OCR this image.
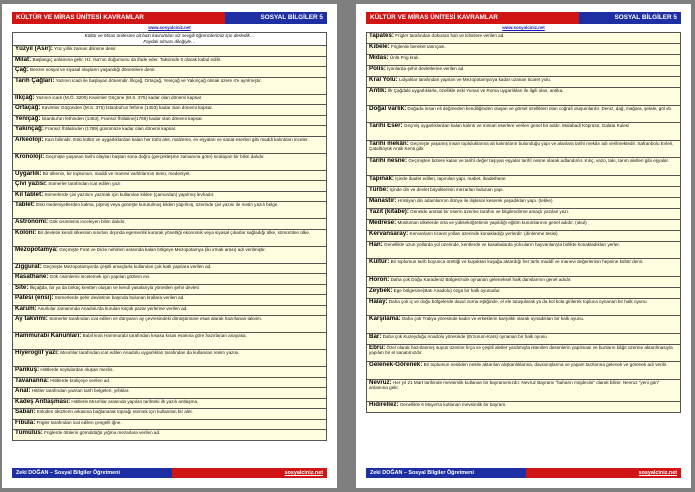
KÜLTÜR VE MİRAS ÜNİTESİ KAVRAMLAR	SOSYAL BİLGİLER 5
www.sosyalciniz.net
Kültür ve Miras ünitesine ait bazı kavramları siz sevgili öğrencilerimiz için derledik…
Faydalı olması dileğiyle…
Yüzyıl (Asır): Yüz yıllık zaman dilimine denir.
Milat: Başlangıç anlamına gelir. Hz. İsa'nın doğumunu da ifade eder. Takvimde 0 olarak kabul edilir.
Çağ: Benzer sosyal ve siyasal olayların yaşandığı dönemlere denir.
Tarih Çağları: Yazının icadı ile başlayan dönemdir. İlkçağ, Ortaçağ, Yeniçağ ve Yakınçağ olmak üzere 4'e ayrılmıştır.
İlkçağ: Yazının icadı (M.Ö. 3200) Kavimler Göçüne (M.S. 375) kadar olan dönemi kapsar.
Ortaçağ: Kavimler Göçünden (M.S. 375) İstanbul'un fethine (1453) kadar olan dönemi kapsar.
Yeniçağ: İstanbul'un fethinden (1453), Fransız İhtilaline(1789) kadar olan dönemi kapsar.
Yakınçağ: Fransız İhtilalinden (1789) günümüze kadar olan dönemi kapsar.
Arkeoloji: Kazı bilimidir. Eski kültür ve uygarlıklardan kalan her türlü alet, malzeme, ev eşyaları ve sanat eserleri gibi maddi kalıntıları inceler.
Kronoloji: Geçmişte yaşanan tarihi olayları baştan sona doğru (gerçekleşme zamanına göre) sıralayan bir bilim dalıdır.
Uygarlık: Bir ülkenin, bir toplumun, maddi ve manevi varlıklarının tümü, medeniyet.
Çivi yazısı: Sümerler tarafından icat edilen yazı
Kil tablet: Sümerlerde çivi yazısını yazmak için kullanılan kilden (çamurdan) yapılmış levhadır.
Tablet: Eski medeniyetlerden kalma, pişmiş veya güneşte kurutulmuş kilden yapılmış, üzerinde çivi yazısı ile metin yazılı belge.
Astronomi: Gök cisimlerini inceleyen bilim dalıdır.
Koloni: Bir devletin kendi ülkesinin sınırları dışında egemenlik kurarak yönettiği ekonomik veya siyasal çıkarlar sağladığı ülke, sömürülen ülke.
Mezopotamya: Geçmişte Fırat ve Dicle nehirleri arasında kalan bölgeye Mezopotamya (iki ırmak arası) adı verilmiştir.
Ziggurat: Geçmişte Mezopotamya'da çeşitli amaçlarla kullanılan çok katlı yapılara verilen ad.
Rasathane: Gök cisimlerini incelemek için yapılan gözlem evi.
Site: İlkçağda, bir ya da birkaç kentten oluşan ve kendi yasalarıyla yönetilen şehir devleti
Patesi (ensi): Sümerlerde şehir devletinin başında bulunan krallara verilen ad.
Karum: Asurlular zamanında Anadolu'da kurulan küçük pazar yerlerine verilen ad.
Ay takvimi: Sümerler tarafından icat edilen ve dünyanın ay çevresindeki dönüşümüne esas alarak hazırlanan takvim.
Hammurabi Kanunları: Babil kralı Hammurabi tarafından kısasa kısas esasına göre hazırlanan anayasa.
Hiyeroglif yazı: Mısırlılar tarafından icat edilen Anadolu uygarlıkları tarafından da kullanılan resim yazısı.
Pankuş: Hititlerde soylulardan oluşan meclis.
Tavananna: Hititlerde kraliçeye verilen ad.
Anal: Hititler tarafından yazılan tarih belgeleri, yıllıklar.
Kadeş Antlaşması: Hititlerle Mısırlılar arasında yapılan tarihteki ilk yazılı antlaşma.
Saban: Eskiden öküzlerin arkasına bağlanarak toprağı sürmek için kullanılan bir alet.
Fibula: Frigler tarafından icat edilen çengelli iğne.
Tümülüs: Friglerde ölülerin gömüldüğü yığma mezarlara verilen ad.
Zeki DOĞAN – Sosyal Bilgiler Öğretmeni	sosyalciniz.net
KÜLTÜR VE MİRAS ÜNİTESİ KAVRAMLAR	SOSYAL BİLGİLER 5
www.sosyalciniz.net
Tapates: Frigler tarafından dokunan halı ve kilimlere verilen ad.
Kibele: Friglerde bereket tanrıçası.
Midas: Ünlü Frig kralı.
Polis: İyonlarda şehir devletlerine verilen ad.
Kral Yolu: Lidyalılar tarafından yapılan ve Mezopotamya'ya kadar uzanan ticaret yolu.
Antik: İlk Çağdaki uygarlıklarla, özellikle eski Yunan ve Roma uygarlıkları ile ilgili olan, antika.
Doğal varlık: Doğada insan eli değmeden kendiliğinden oluşan ve görsel özellikleri olan coğrafi oluşumlardır. Deniz, dağ, mağara, şelale, göl vb.
Tarihi Eser: Geçmiş uygarlıklardan kalan kalıntı ve mimari eserlere verilen genel bir addır. Malabadi Köprüsü, Galata Kulesi
Tarihi mekân: Geçmişte yaşamış insan topluluklarına ait kalıntıların bulunduğu yapı ve alanlara tarihi mekân adı verilmektedir. Safranbolu Evleri, Çatalhöyük Antik Kenti gibi
Tarihi nesne: Geçmişten bizlere kalan ve tarihî değer taşıyan eşyalar tarihî nesne olarak adlandırılır. Kılıç, vazo, takı, tarım aletleri gibi eşyalar.
Tapınak: İçinde ibadet edilen, tapınılan yapı, mabet, ibadethane
Türbe: İçinde din ve devlet büyüklerinin mezarları bulunan yapı.
Manastır: Hristiyan din adamlarının dünya ile ilişkisini keserek yaşadıkları yapı. (tekke)
Yazıt (kitabe): Genelde anıtsal bir eserin üzerine tarafını ve bilgilendirme amaçlı yazılan yazı.
Medrese: Müslüman ülkelerde orta ve yükseköğretimin yapıldığı eğitim kurumlarının genel adıdır. (okul)
Kervansaray: Kervanların ticaret yolları üzerinde konakladığı yerlerdir. (dinlenme tesisi)
Han: Genellikle uzun yollarda yol üzerinde, kentlerde ve kasabalarda yolcuların hayvanlarıyla birlikte konakladıkları yerler.
Kültür: Bir toplumun tarih boyunca ürettiği ve kuşaktan kuşağa aktardığı her türlü maddî ve manevi değerlerinin hepsine kültür denir.
Horon: Daha çok Doğu Karadeniz Bölgesi'nde oynanan geleneksel halk danslarının genel adıdır.
Zeybek: Ege bölgesine(Batı Anadolu) özgü bir halk oyunudur.
Halay: Daha çok iç ve doğu bölgelerde davul zurna eşliğinde, el ele tutuşularak ya da kol kola girilerek topluca oynanan bir halk oyunu.
Karşılama: Daha çok Trakya yöresinde kadın ve erkeklerin karşılıklı olarak oynadıkları bir halk oyunu.
Bar: Daha çok Kuzeydoğu Anadolu yöresinde (Erzurum-Kars) oynanan bir halk oyunu
Ebru: Özel olarak hazırlanmış suyun üzerine fırça ve çeşitli aletler yardımıyla istenilen desenlerin yapılması ve bunların kâğıt üzerine aktarılmasıyla yapılan bir el sanatımızdır.
Gelenek-Görenek: Bir toplumun nesilden nesile aktarılan alışkanlıklarına, davranışlarına ve yaşam tarzlarına gelenek ve görenek adı verilir.
Nevruz: Her yıl 21 Mart tarihinde mevsimlik kutlanan bir bayramımızdır. Nevruz Bayramı "baharın müjdecisi" olarak bilinir. Nevruz "yeni gün" anlamına gelir.
Hıdırellez: Genellikle 6 Mayıs'ta kutlanan mevsimlik bir bayram.
Zeki DOĞAN – Sosyal Bilgiler Öğretmeni	sosyalciniz.net
